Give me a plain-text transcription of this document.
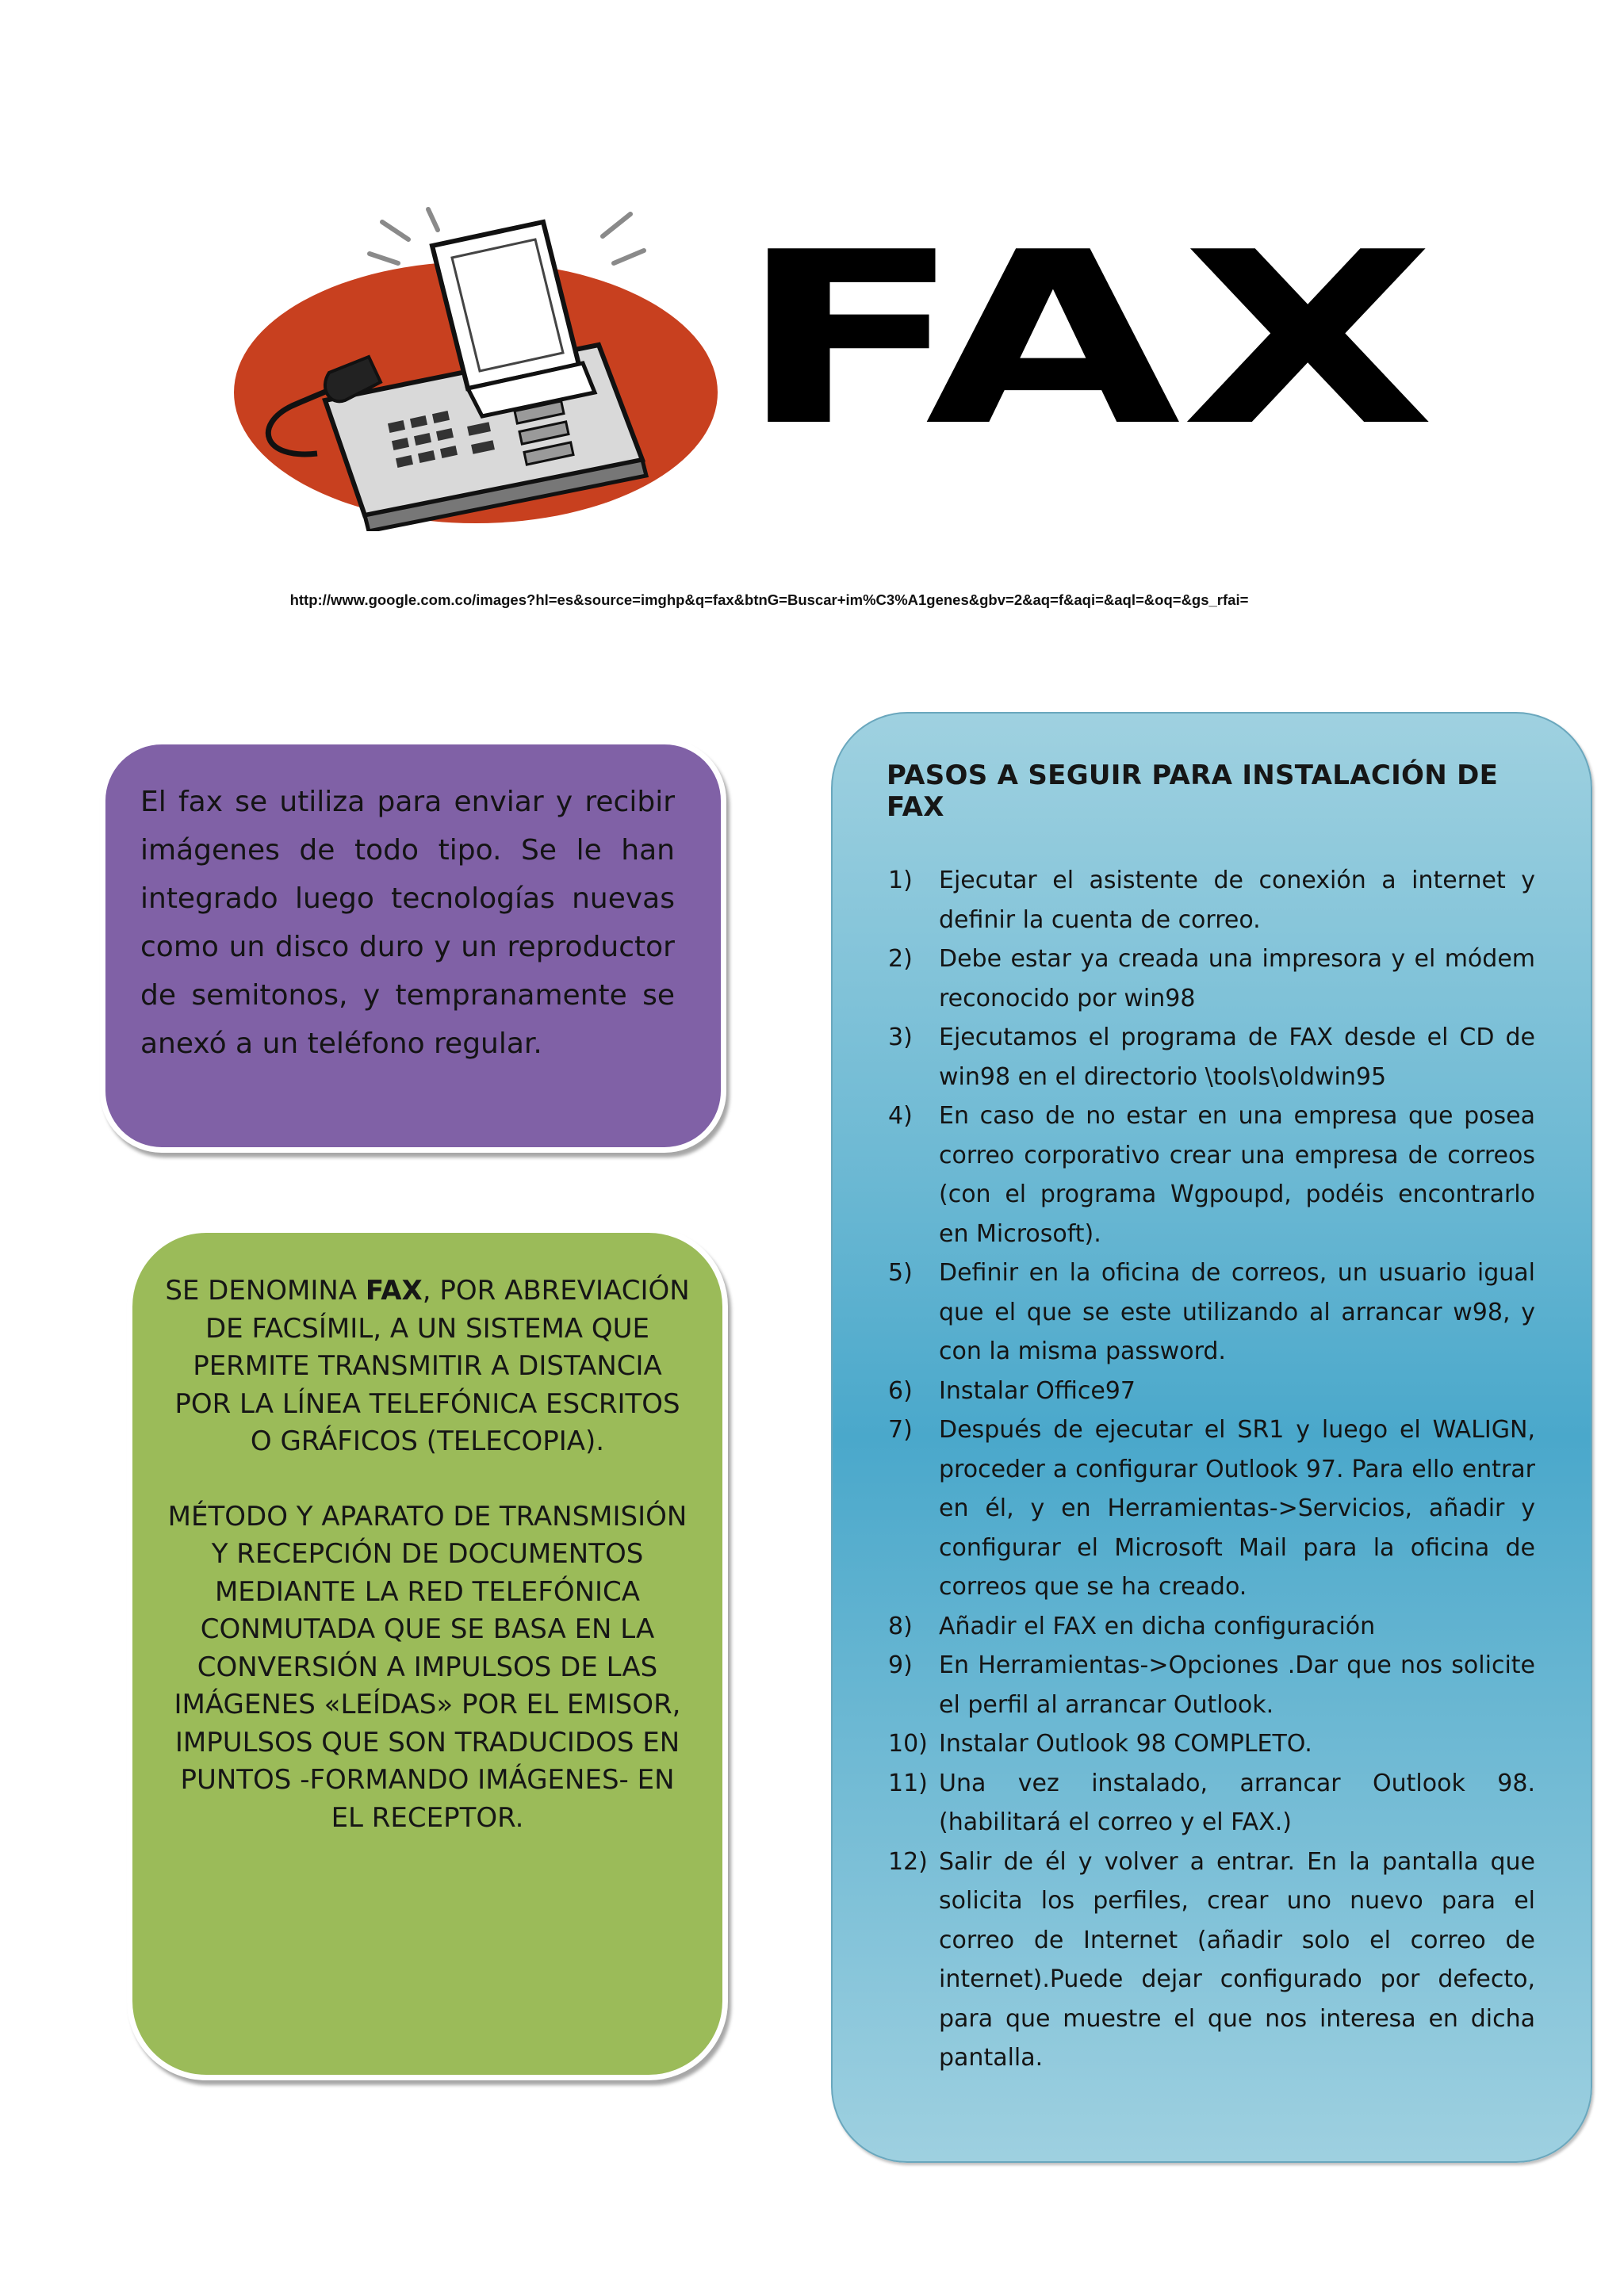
FAX
http://www.google.com.co/images?hl=es&source=imghp&q=fax&btnG=Buscar+im%C3%A1genes&gbv=2&aq=f&aqi=&aql=&oq=&gs_rfai=

El fax se utiliza para enviar y recibir imágenes de todo tipo. Se le han integrado luego tecnologías nuevas como un disco duro y un reproductor de semitonos, y tempranamente se anexó a un teléfono regular.

SE DENOMINA FAX, POR ABREVIACIÓN DE FACSÍMIL, A UN SISTEMA QUE PERMITE TRANSMITIR A DISTANCIA POR LA LÍNEA TELEFÓNICA ESCRITOS O GRÁFICOS (TELECOPIA).

MÉTODO Y APARATO DE TRANSMISIÓN Y RECEPCIÓN DE DOCUMENTOS MEDIANTE LA RED TELEFÓNICA CONMUTADA QUE SE BASA EN LA CONVERSIÓN A IMPULSOS DE LAS IMÁGENES «LEÍDAS» POR EL EMISOR, IMPULSOS QUE SON TRADUCIDOS EN PUNTOS -FORMANDO IMÁGENES- EN EL RECEPTOR.

PASOS A SEGUIR PARA INSTALACIÓN DE FAX
1)	Ejecutar el asistente de conexión a internet y definir la cuenta de correo.
2)	Debe estar ya creada una impresora y el módem reconocido por win98
3)	Ejecutamos el programa de FAX desde el CD de win98 en el directorio \tools\oldwin95
4)	En caso de no estar en una empresa que posea correo corporativo crear una empresa de correos (con el programa Wgpoupd, podéis encontrarlo en Microsoft).
5)	Definir en la oficina de correos, un usuario igual que el que se este utilizando al arrancar w98, y con la misma password.
6)	Instalar Office97
7)	Después de ejecutar el SR1 y luego el WALIGN, proceder a configurar Outlook 97. Para ello entrar en él, y en Herramientas->Servicios, añadir y configurar el Microsoft Mail para la oficina de correos que se ha creado.
8)	Añadir el FAX en dicha configuración
9)	En Herramientas->Opciones .Dar que nos solicite el perfil al arrancar Outlook.
10) Instalar Outlook 98 COMPLETO.
11) Una vez instalado, arrancar Outlook 98. (habilitará el correo y el FAX.)
12) Salir de él y volver a entrar. En la pantalla que solicita los perfiles, crear uno nuevo para el correo de Internet (añadir solo el correo de internet).Puede dejar configurado por defecto, para que muestre el que nos interesa en dicha pantalla.
